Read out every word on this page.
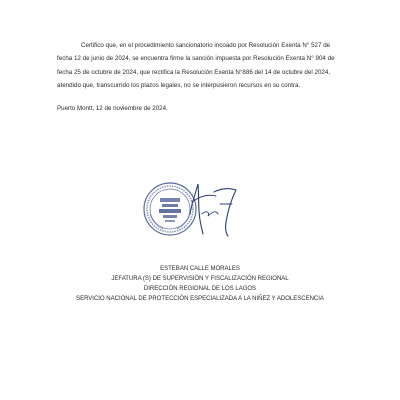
Certifico que, en el procedimiento sancionatorio incoado por Resolución Exenta N° 527 de
fecha 12 de junio de 2024, se encuentra firme la sanción impuesta por Resolución Exenta N° 904 de
fecha 25 de octubre de 2024, que rectifica la Resolución Exenta N°886 del 14 de octubre del 2024,
atendido que, transcurrido los plazos legales, no se interpusieron recursos en su contra.
Puerto Montt, 12 de noviembre de 2024.
ESTEBAN CALLE MORALES
JEFATURA (S) DE SUPERVISIÓN Y FISCALIZACIÓN REGIONAL
DIRECCIÓN REGIONAL DE LOS LAGOS
SERVICIO NACIONAL DE PROTECCIÓN ESPECIALIZADA A LA NIÑEZ Y ADOLESCENCIA
